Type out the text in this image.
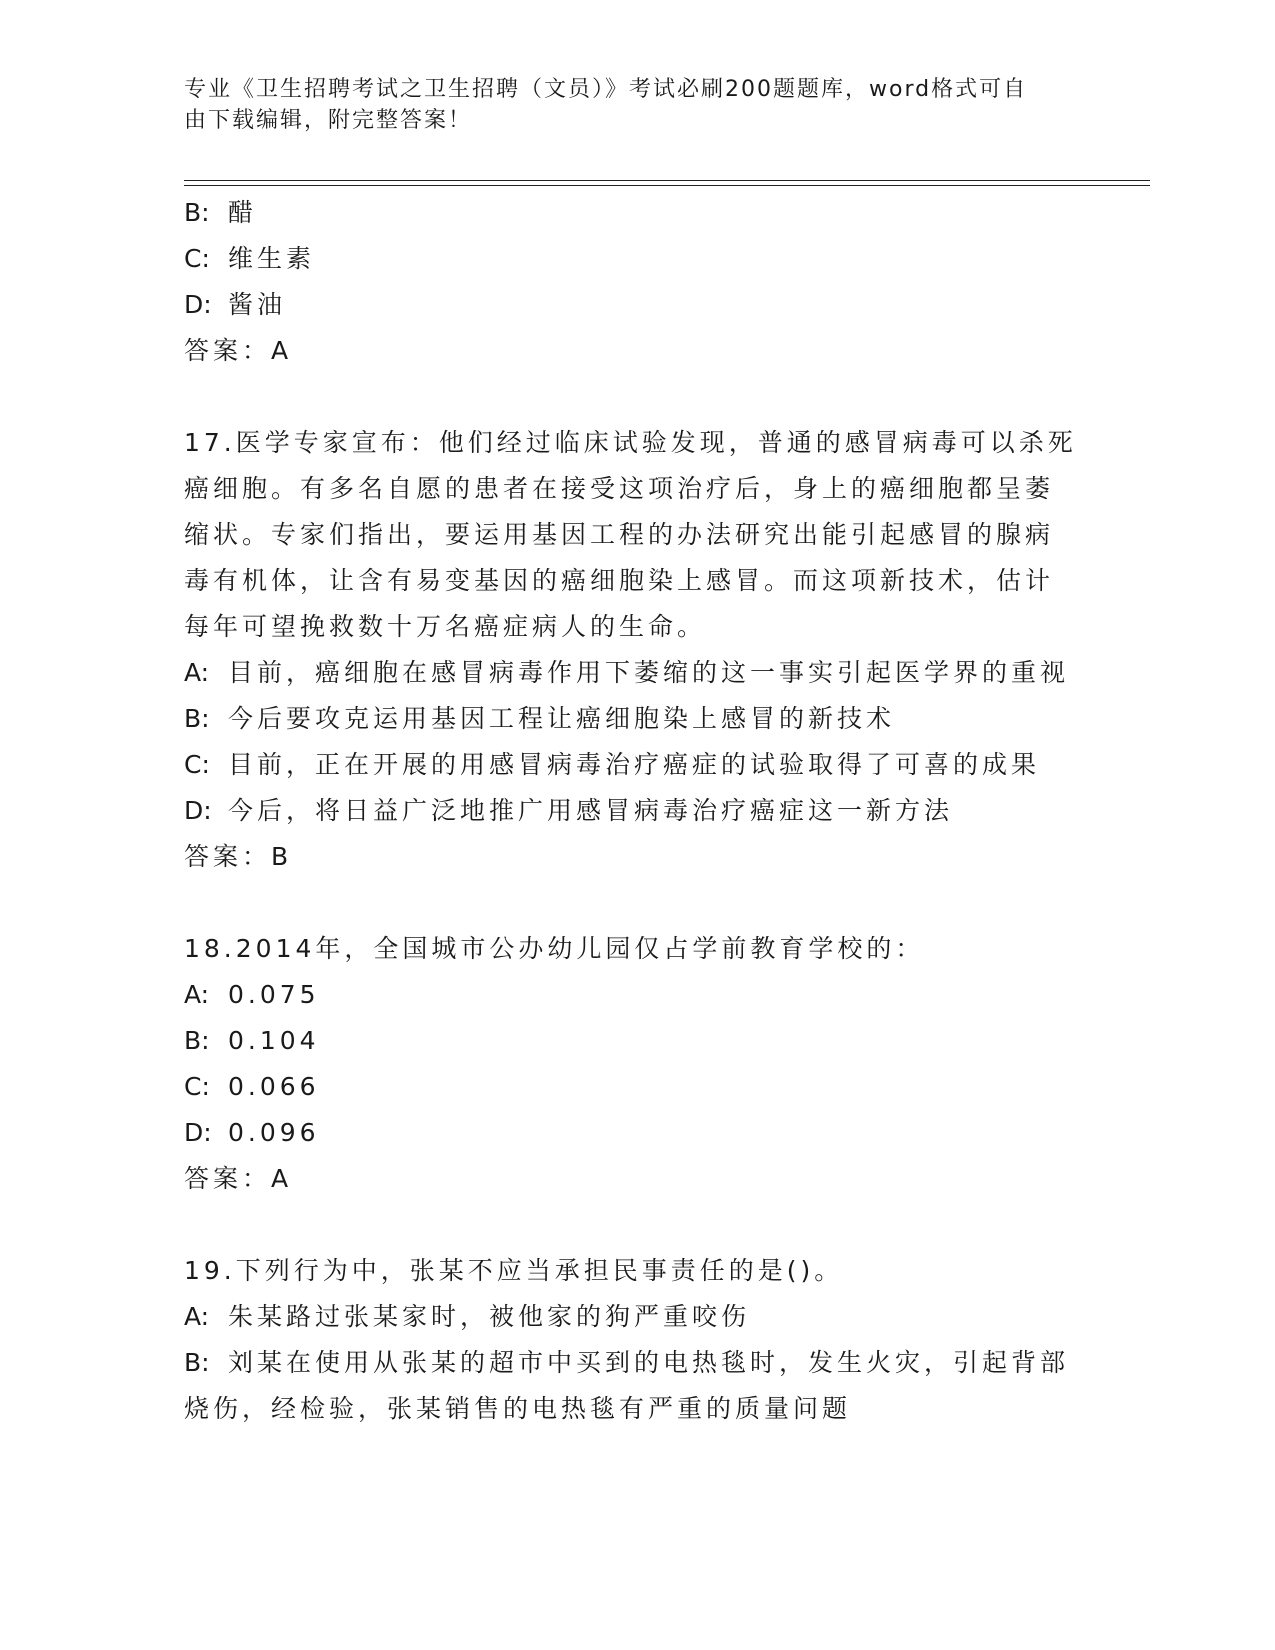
专业《卫生招聘考试之卫生招聘（文员）》考试必刷200题题库，word格式可自
由下载编辑，附完整答案！
B: 醋
C: 维生素
D: 酱油
答案：A
17.医学专家宣布：他们经过临床试验发现，普通的感冒病毒可以杀死
癌细胞。有多名自愿的患者在接受这项治疗后，身上的癌细胞都呈萎
缩状。专家们指出，要运用基因工程的办法研究出能引起感冒的腺病
毒有机体，让含有易变基因的癌细胞染上感冒。而这项新技术，估计
每年可望挽救数十万名癌症病人的生命。
A: 目前，癌细胞在感冒病毒作用下萎缩的这一事实引起医学界的重视
B: 今后要攻克运用基因工程让癌细胞染上感冒的新技术
C: 目前，正在开展的用感冒病毒治疗癌症的试验取得了可喜的成果
D: 今后，将日益广泛地推广用感冒病毒治疗癌症这一新方法
答案：B
18.2014年，全国城市公办幼儿园仅占学前教育学校的：
A: 0.075
B: 0.104
C: 0.066
D: 0.096
答案：A
19.下列行为中，张某不应当承担民事责任的是()。
A: 朱某路过张某家时，被他家的狗严重咬伤
B: 刘某在使用从张某的超市中买到的电热毯时，发生火灾，引起背部
烧伤，经检验，张某销售的电热毯有严重的质量问题
